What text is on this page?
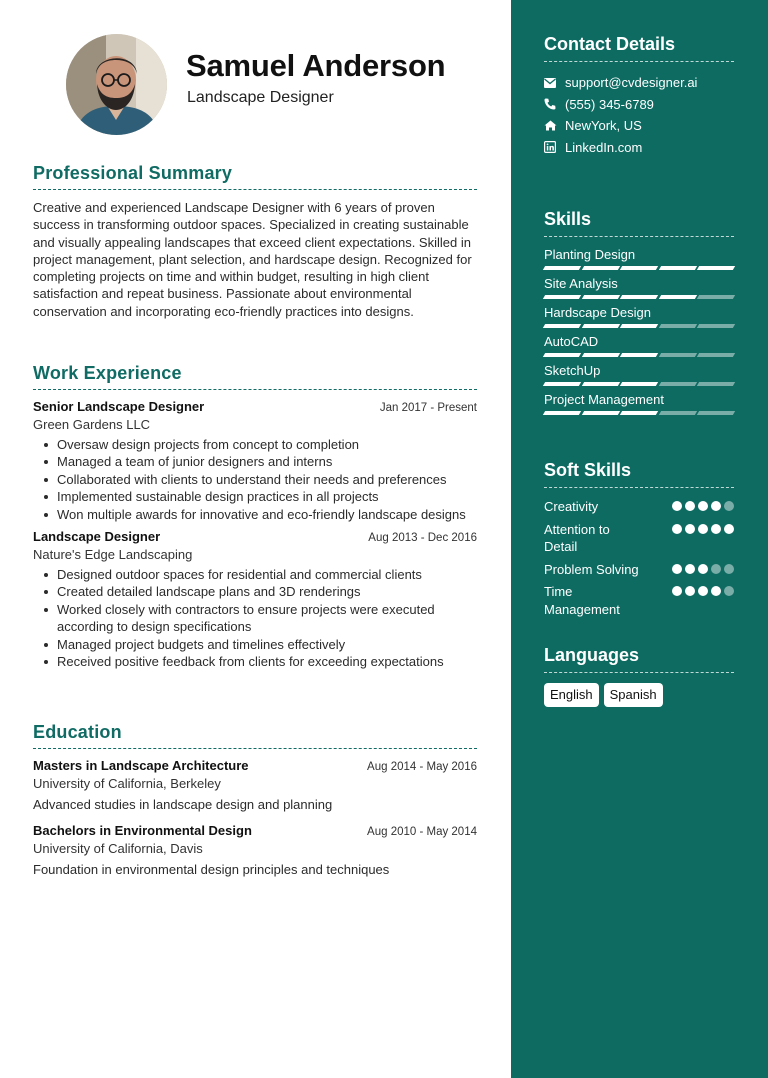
Samuel Anderson
Landscape Designer
Professional Summary

Creative and experienced Landscape Designer with 6 years of proven success in transforming outdoor spaces. Specialized in creating sustainable and visually appealing landscapes that exceed client expectations. Skilled in project management, plant selection, and hardscape design. Recognized for completing projects on time and within budget, resulting in high client satisfaction and repeat business. Passionate about environmental conservation and incorporating eco-friendly practices into designs.

Work Experience
Senior Landscape Designer	Jan 2017 - Present
Green Gardens LLC
Oversaw design projects from concept to completion
Managed a team of junior designers and interns
Collaborated with clients to understand their needs and preferences
Implemented sustainable design practices in all projects
Won multiple awards for innovative and eco-friendly landscape designs
Landscape Designer	Aug 2013 - Dec 2016
Nature's Edge Landscaping
Designed outdoor spaces for residential and commercial clients
Created detailed landscape plans and 3D renderings
Worked closely with contractors to ensure projects were executed according to design specifications
Managed project budgets and timelines effectively
Received positive feedback from clients for exceeding expectations
Education
Masters in Landscape Architecture	Aug 2014 - May 2016
University of California, Berkeley
Advanced studies in landscape design and planning
Bachelors in Environmental Design	Aug 2010 - May 2014
University of California, Davis
Foundation in environmental design principles and techniques
Contact Details
support@cvdesigner.ai
(555) 345-6789
NewYork, US
LinkedIn.com
Skills
Planting Design
Site Analysis
Hardscape Design
AutoCAD
SketchUp
Project Management
Soft Skills
Creativity
Attention to Detail
Problem Solving
Time Management
Languages
English	Spanish
